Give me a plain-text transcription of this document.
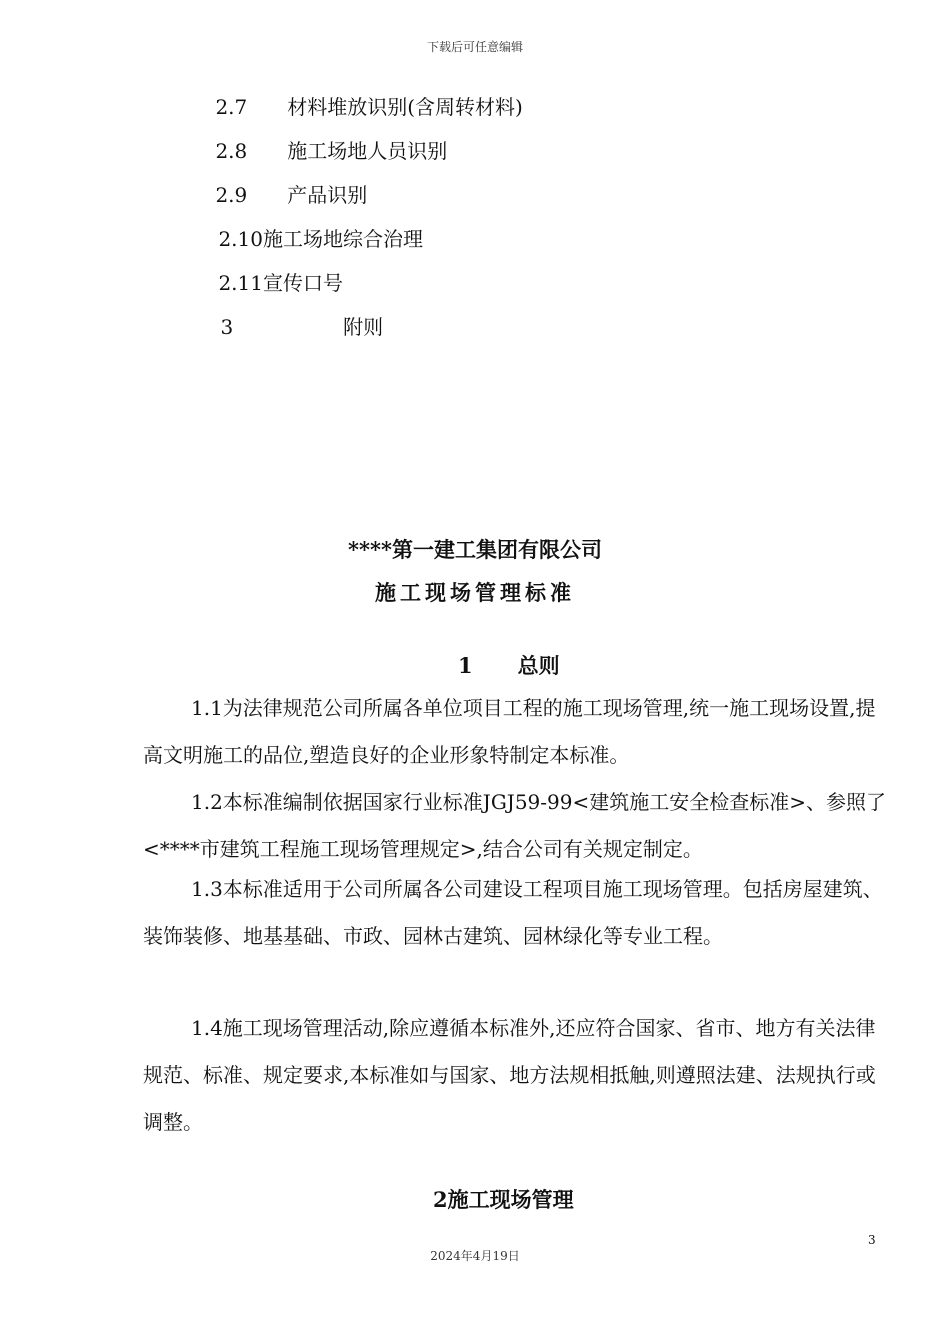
下载后可任意编辑

2.7 材料堆放识别(含周转材料)

2.8 施工场地人员识别

2.9 产品识别

2.10施工场地综合治理

2.11宣传口号

3	附则

****第一建工集团有限公司
施工现场管理标准
1 总则
1.1为法律规范公司所属各单位项目工程的施工现场管理,统一施工现场设置,提高文明施工的品位,塑造良好的企业形象特制定本标准。
1.2本标准编制依据国家行业标准JGJ59-99<建筑施工安全检查标准>、参照了<****市建筑工程施工现场管理规定>,结合公司有关规定制定。
1.3本标准适用于公司所属各公司建设工程项目施工现场管理。包括房屋建筑、装饰装修、地基基础、市政、园林古建筑、园林绿化等专业工程。
1.4施工现场管理活动,除应遵循本标准外,还应符合国家、省市、地方有关法律规范、标准、规定要求,本标准如与国家、地方法规相抵触,则遵照法建、法规执行或调整。
2施工现场管理
3
2024年4月19日
